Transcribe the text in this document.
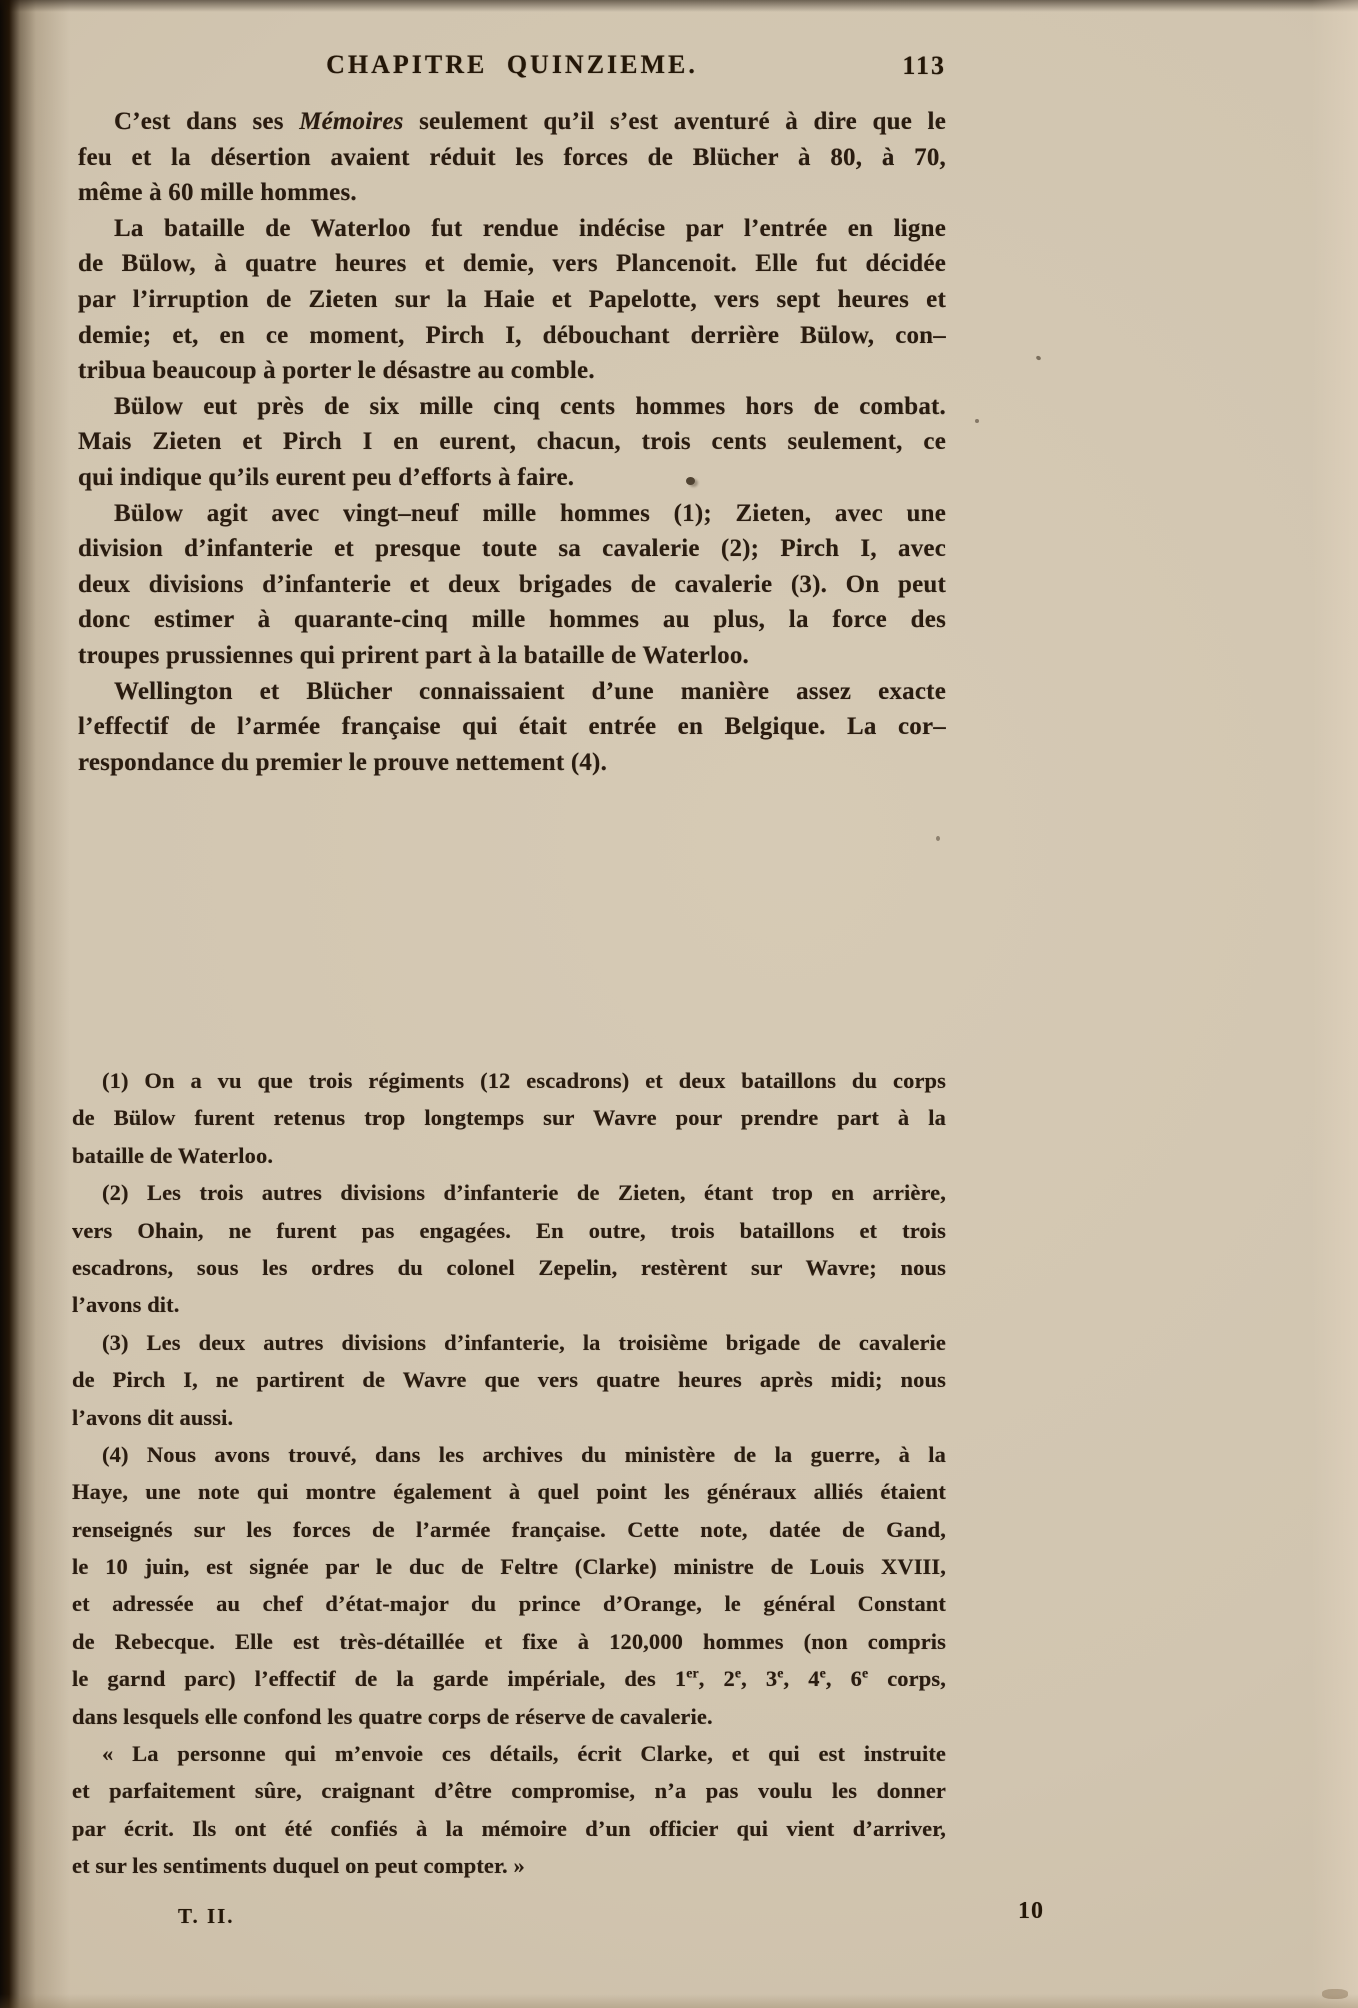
CHAPITRE QUINZIEME.	113
C’est dans ses Mémoires seulement qu’il s’est aventuré à dire que le
feu et la désertion avaient réduit les forces de Blücher à 80, à 70,
même à 60 mille hommes.
La bataille de Waterloo fut rendue indécise par l’entrée en ligne
de Bülow, à quatre heures et demie, vers Plancenoit. Elle fut décidée
par l’irruption de Zieten sur la Haie et Papelotte, vers sept heures et
demie; et, en ce moment, Pirch I, débouchant derrière Bülow, con–
tribua beaucoup à porter le désastre au comble.
Bülow eut près de six mille cinq cents hommes hors de combat.
Mais Zieten et Pirch I en eurent, chacun, trois cents seulement, ce
qui indique qu’ils eurent peu d’efforts à faire.
Bülow agit avec vingt–neuf mille hommes (1); Zieten, avec une
division d’infanterie et presque toute sa cavalerie (2); Pirch I, avec
deux divisions d’infanterie et deux brigades de cavalerie (3). On peut
donc estimer à quarante-cinq mille hommes au plus, la force des
troupes prussiennes qui prirent part à la bataille de Waterloo.
Wellington et Blücher connaissaient d’une manière assez exacte
l’effectif de l’armée française qui était entrée en Belgique. La cor–
respondance du premier le prouve nettement (4).
(1) On a vu que trois régiments (12 escadrons) et deux bataillons du corps
de Bülow furent retenus trop longtemps sur Wavre pour prendre part à la
bataille de Waterloo.
(2) Les trois autres divisions d’infanterie de Zieten, étant trop en arrière,
vers Ohain, ne furent pas engagées. En outre, trois bataillons et trois
escadrons, sous les ordres du colonel Zepelin, restèrent sur Wavre; nous
l’avons dit.
(3) Les deux autres divisions d’infanterie, la troisième brigade de cavalerie
de Pirch I, ne partirent de Wavre que vers quatre heures après midi; nous
l’avons dit aussi.
(4) Nous avons trouvé, dans les archives du ministère de la guerre, à la
Haye, une note qui montre également à quel point les généraux alliés étaient
renseignés sur les forces de l’armée française. Cette note, datée de Gand,
le 10 juin, est signée par le duc de Feltre (Clarke) ministre de Louis XVIII,
et adressée au chef d’état-major du prince d’Orange, le général Constant
de Rebecque. Elle est très-détaillée et fixe à 120,000 hommes (non compris
le garnd parc) l’effectif de la garde impériale, des 1er, 2e, 3e, 4e, 6e corps,
dans lesquels elle confond les quatre corps de réserve de cavalerie.
« La personne qui m’envoie ces détails, écrit Clarke, et qui est instruite
et parfaitement sûre, craignant d’être compromise, n’a pas voulu les donner
par écrit. Ils ont été confiés à la mémoire d’un officier qui vient d’arriver,
et sur les sentiments duquel on peut compter. »
T. II.	10
